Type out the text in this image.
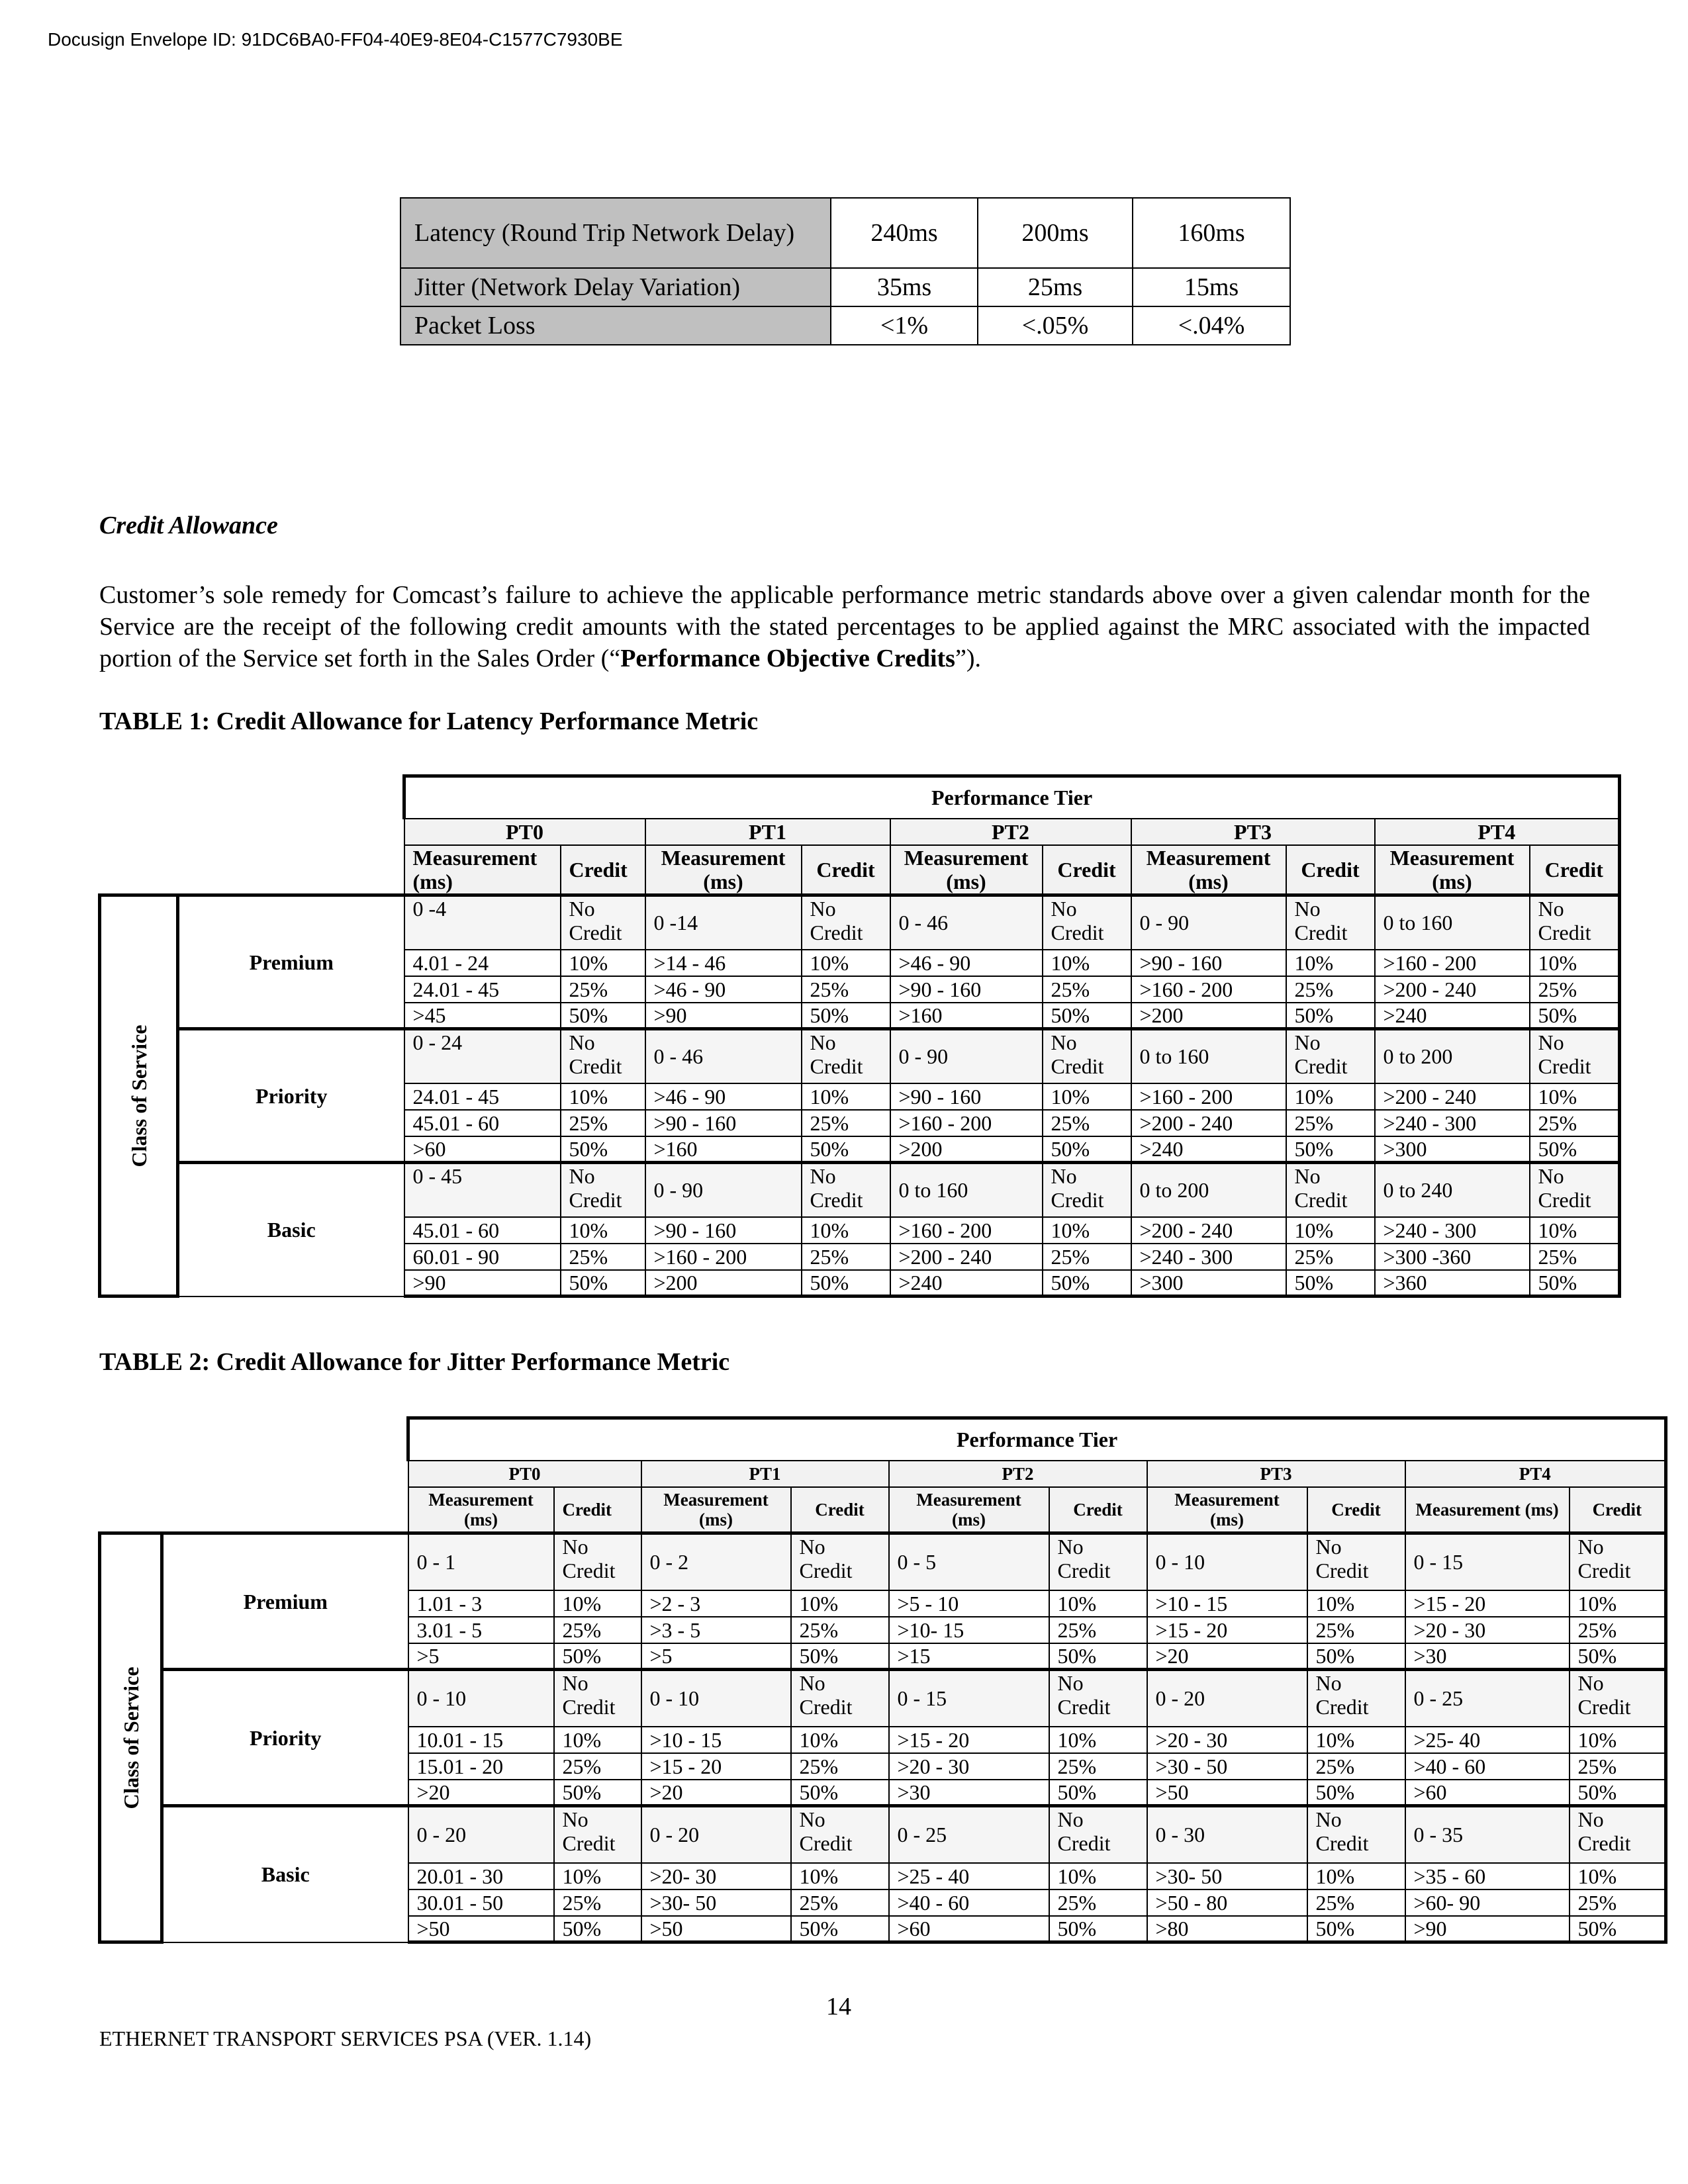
Docusign Envelope ID: 91DC6BA0-FF04-40E9-8E04-C1577C7930BE
Latency (Round Trip Network Delay)	240ms	200ms	160ms
Jitter (Network Delay Variation)	35ms	25ms	15ms
Packet Loss	<1%	<.05%	<.04%
Credit Allowance
Customer’s sole remedy for Comcast’s failure to achieve the applicable performance metric standards above over a given calendar month for the Service are the receipt of the following credit amounts with the stated percentages to be applied against the MRC associated with the impacted portion of the Service set forth in the Sales Order (“Performance Objective Credits”).
TABLE 1: Credit Allowance for Latency Performance Metric
		Performance Tier									
		PT0		PT1		PT2		PT3		PT4	
		Measurement (ms)	Credit	Measurement (ms)	Credit	Measurement (ms)	Credit	Measurement (ms)	Credit	Measurement (ms)	Credit

Class of Service	Premium	0 -4	No Credit	0 -14	No Credit	0 - 46	No Credit	0 - 90	No Credit	0 to 160	No Credit
		4.01 - 24	10%	>14 - 46	10%	>46 - 90	10%	>90 - 160	10%	>160 - 200	10%
		24.01 - 45	25%	>46 - 90	25%	>90 - 160	25%	>160 - 200	25%	>200 - 240	25%
		>45	50%	>90	50%	>160	50%	>200	50%	>240	50%
	Priority	0 - 24	No Credit	0 - 46	No Credit	0 - 90	No Credit	0 to 160	No Credit	0 to 200	No Credit
		24.01 - 45	10%	>46 - 90	10%	>90 - 160	10%	>160 - 200	10%	>200 - 240	10%
		45.01 - 60	25%	>90 - 160	25%	>160 - 200	25%	>200 - 240	25%	>240 - 300	25%
		>60	50%	>160	50%	>200	50%	>240	50%	>300	50%
	Basic	0 - 45	No Credit	0 - 90	No Credit	0 to 160	No Credit	0 to 200	No Credit	0 to 240	No Credit
		45.01 - 60	10%	>90 - 160	10%	>160 - 200	10%	>200 - 240	10%	>240 - 300	10%
		60.01 - 90	25%	>160 - 200	25%	>200 - 240	25%	>240 - 300	25%	>300 -360	25%
		>90	50%	>200	50%	>240	50%	>300	50%	>360	50%
TABLE 2: Credit Allowance for Jitter Performance Metric
		Performance Tier									
		PT0		PT1		PT2		PT3		PT4	
		Measurement (ms)	Credit	Measurement (ms)	Credit	Measurement (ms)	Credit	Measurement (ms)	Credit	Measurement (ms)	Credit

Class of Service	Premium	0 - 1	No Credit	0 - 2	No Credit	0 - 5	No Credit	0 - 10	No Credit	0 - 15	No Credit
		1.01 - 3	10%	>2 - 3	10%	>5 - 10	10%	>10 - 15	10%	>15 - 20	10%
		3.01 - 5	25%	>3 - 5	25%	>10- 15	25%	>15 - 20	25%	>20 - 30	25%
		>5	50%	>5	50%	>15	50%	>20	50%	>30	50%
	Priority	0 - 10	No Credit	0 - 10	No Credit	0 - 15	No Credit	0 - 20	No Credit	0 - 25	No Credit
		10.01 - 15	10%	>10 - 15	10%	>15 - 20	10%	>20 - 30	10%	>25- 40	10%
		15.01 - 20	25%	>15 - 20	25%	>20 - 30	25%	>30 - 50	25%	>40 - 60	25%
		>20	50%	>20	50%	>30	50%	>50	50%	>60	50%
	Basic	0 - 20	No Credit	0 - 20	No Credit	0 - 25	No Credit	0 - 30	No Credit	0 - 35	No Credit
		20.01 - 30	10%	>20- 30	10%	>25 - 40	10%	>30- 50	10%	>35 - 60	10%
		30.01 - 50	25%	>30- 50	25%	>40 - 60	25%	>50 - 80	25%	>60- 90	25%
		>50	50%	>50	50%	>60	50%	>80	50%	>90	50%
14
ETHERNET TRANSPORT SERVICES PSA (VER. 1.14)
